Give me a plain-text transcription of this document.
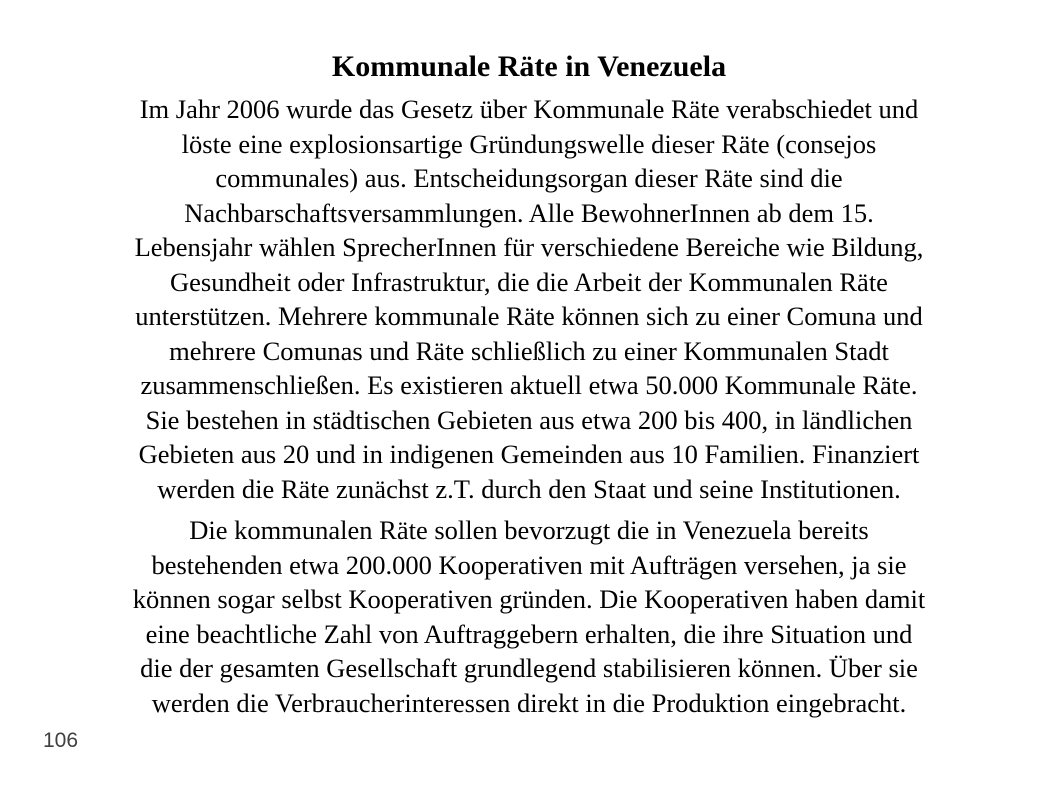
Kommunale Räte in Venezuela

Im Jahr 2006 wurde das Gesetz über Kommunale Räte verabschiedet und
löste eine explosionsartige Gründungswelle dieser Räte (consejos
communales) aus. Entscheidungsorgan dieser Räte sind die
Nachbarschaftsversammlungen. Alle BewohnerInnen ab dem 15.
Lebensjahr wählen SprecherInnen für verschiedene Bereiche wie Bildung,
Gesundheit oder Infrastruktur, die die Arbeit der Kommunalen Räte
unterstützen. Mehrere kommunale Räte können sich zu einer Comuna und
mehrere Comunas und Räte schließlich zu einer Kommunalen Stadt
zusammenschließen. Es existieren aktuell etwa 50.000 Kommunale Räte.
Sie bestehen in städtischen Gebieten aus etwa 200 bis 400, in ländlichen
Gebieten aus 20 und in indigenen Gemeinden aus 10 Familien. Finanziert
werden die Räte zunächst z.T. durch den Staat und seine Institutionen.

Die kommunalen Räte sollen bevorzugt die in Venezuela bereits
bestehenden etwa 200.000 Kooperativen mit Aufträgen versehen, ja sie
können sogar selbst Kooperativen gründen. Die Kooperativen haben damit
eine beachtliche Zahl von Auftraggebern erhalten, die ihre Situation und
die der gesamten Gesellschaft grundlegend stabilisieren können. Über sie
werden die Verbraucherinteressen direkt in die Produktion eingebracht.

106
